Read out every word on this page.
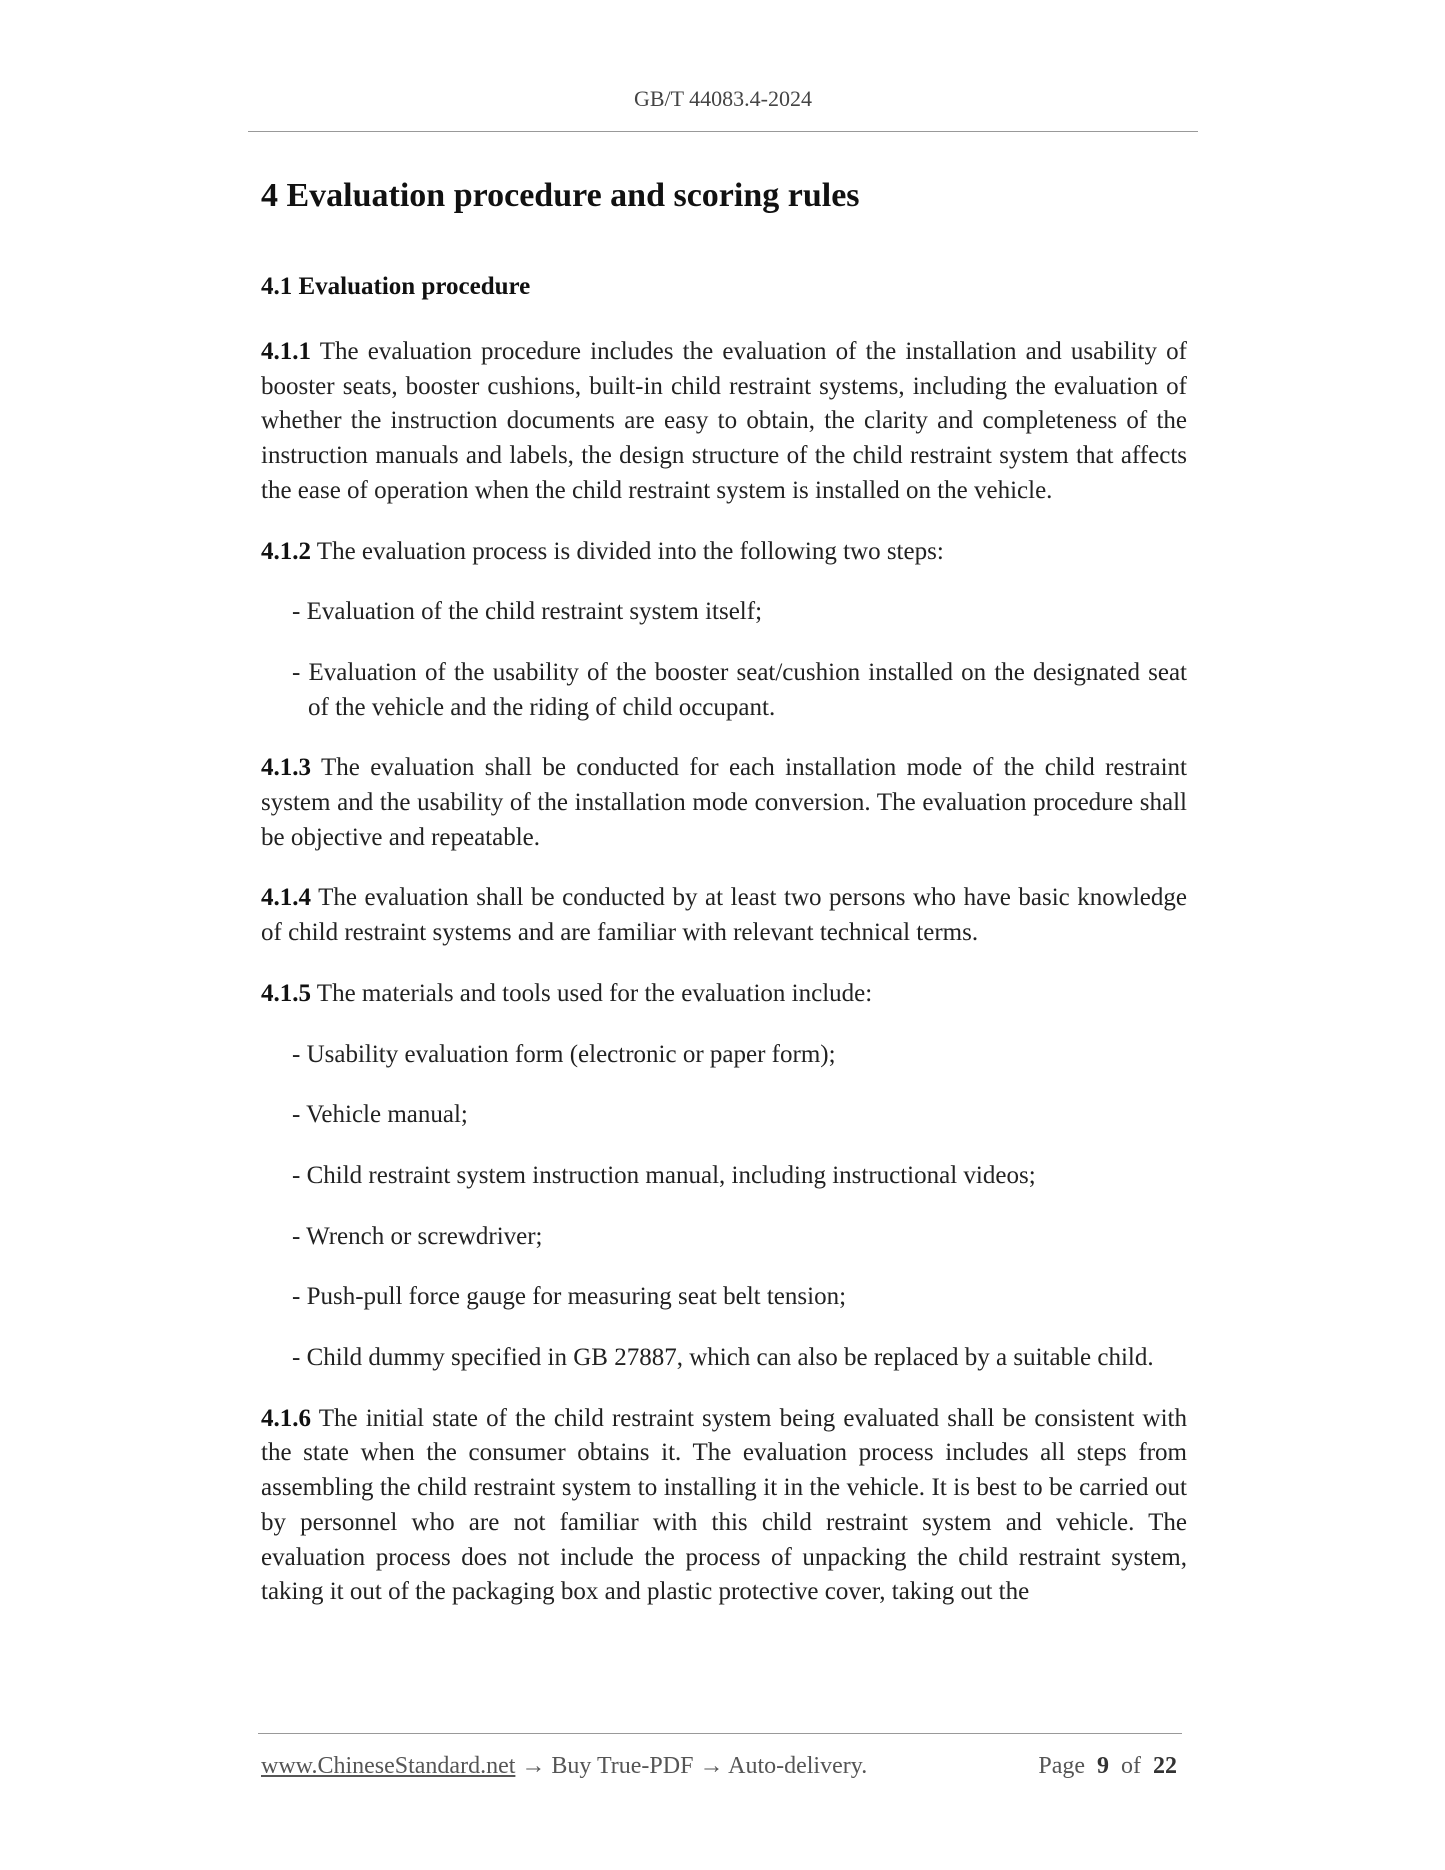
GB/T 44083.4-2024
4 Evaluation procedure and scoring rules
4.1 Evaluation procedure

4.1.1 The evaluation procedure includes the evaluation of the installation and usability of booster seats, booster cushions, built-in child restraint systems, including the evaluation of whether the instruction documents are easy to obtain, the clarity and completeness of the instruction manuals and labels, the design structure of the child restraint system that affects the ease of operation when the child restraint system is installed on the vehicle.

4.1.2 The evaluation process is divided into the following two steps:

- Evaluation of the child restraint system itself;
- Evaluation of the usability of the booster seat/cushion installed on the designated seat of the vehicle and the riding of child occupant.

4.1.3 The evaluation shall be conducted for each installation mode of the child restraint system and the usability of the installation mode conversion. The evaluation procedure shall be objective and repeatable.

4.1.4 The evaluation shall be conducted by at least two persons who have basic knowledge of child restraint systems and are familiar with relevant technical terms.

4.1.5 The materials and tools used for the evaluation include:

- Usability evaluation form (electronic or paper form);
- Vehicle manual;
- Child restraint system instruction manual, including instructional videos;
- Wrench or screwdriver;
- Push-pull force gauge for measuring seat belt tension;
- Child dummy specified in GB 27887, which can also be replaced by a suitable child.

4.1.6 The initial state of the child restraint system being evaluated shall be consistent with the state when the consumer obtains it. The evaluation process includes all steps from assembling the child restraint system to installing it in the vehicle. It is best to be carried out by personnel who are not familiar with this child restraint system and vehicle. The evaluation process does not include the process of unpacking the child restraint system, taking it out of the packaging box and plastic protective cover, taking out the

www.ChineseStandard.net → Buy True-PDF → Auto-delivery.	Page 9 of 22
